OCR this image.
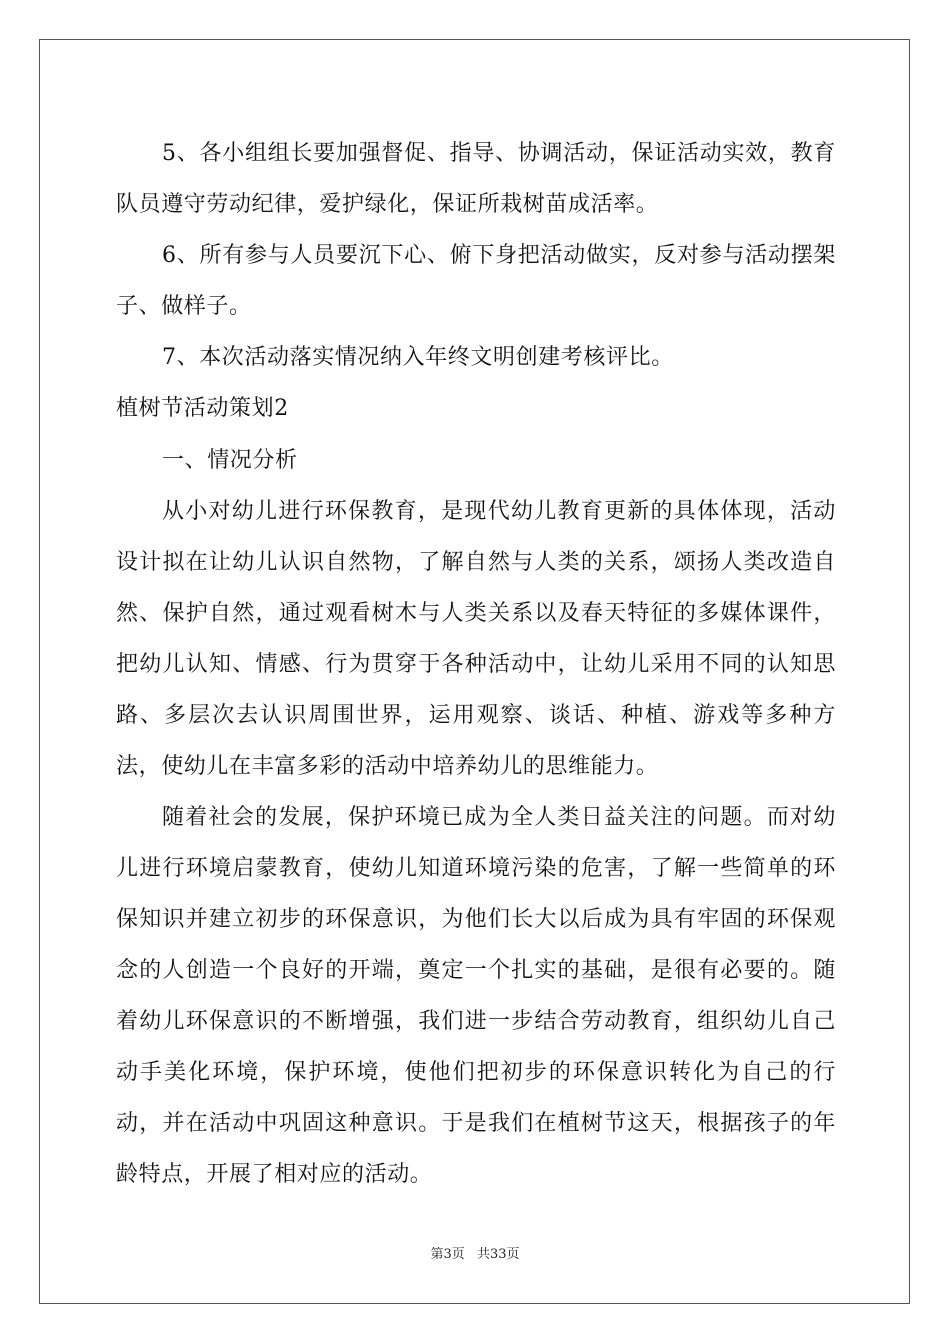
5、各小组组长要加强督促、指导、协调活动，保证活动实效，教育队员遵守劳动纪律，爱护绿化，保证所栽树苗成活率。

6、所有参与人员要沉下心、俯下身把活动做实，反对参与活动摆架子、做样子。

7、本次活动落实情况纳入年终文明创建考核评比。

植树节活动策划2

一、情况分析

从小对幼儿进行环保教育，是现代幼儿教育更新的具体体现，活动设计拟在让幼儿认识自然物，了解自然与人类的关系，颂扬人类改造自然、保护自然，通过观看树木与人类关系以及春天特征的多媒体课件，把幼儿认知、情感、行为贯穿于各种活动中，让幼儿采用不同的认知思路、多层次去认识周围世界，运用观察、谈话、种植、游戏等多种方法，使幼儿在丰富多彩的活动中培养幼儿的思维能力。

随着社会的发展，保护环境已成为全人类日益关注的问题。而对幼儿进行环境启蒙教育，使幼儿知道环境污染的危害，了解一些简单的环保知识并建立初步的环保意识，为他们长大以后成为具有牢固的环保观念的人创造一个良好的开端，奠定一个扎实的基础，是很有必要的。随着幼儿环保意识的不断增强，我们进一步结合劳动教育，组织幼儿自己动手美化环境，保护环境，使他们把初步的环保意识转化为自己的行动，并在活动中巩固这种意识。于是我们在植树节这天，根据孩子的年龄特点，开展了相对应的活动。

第3页 共33页
